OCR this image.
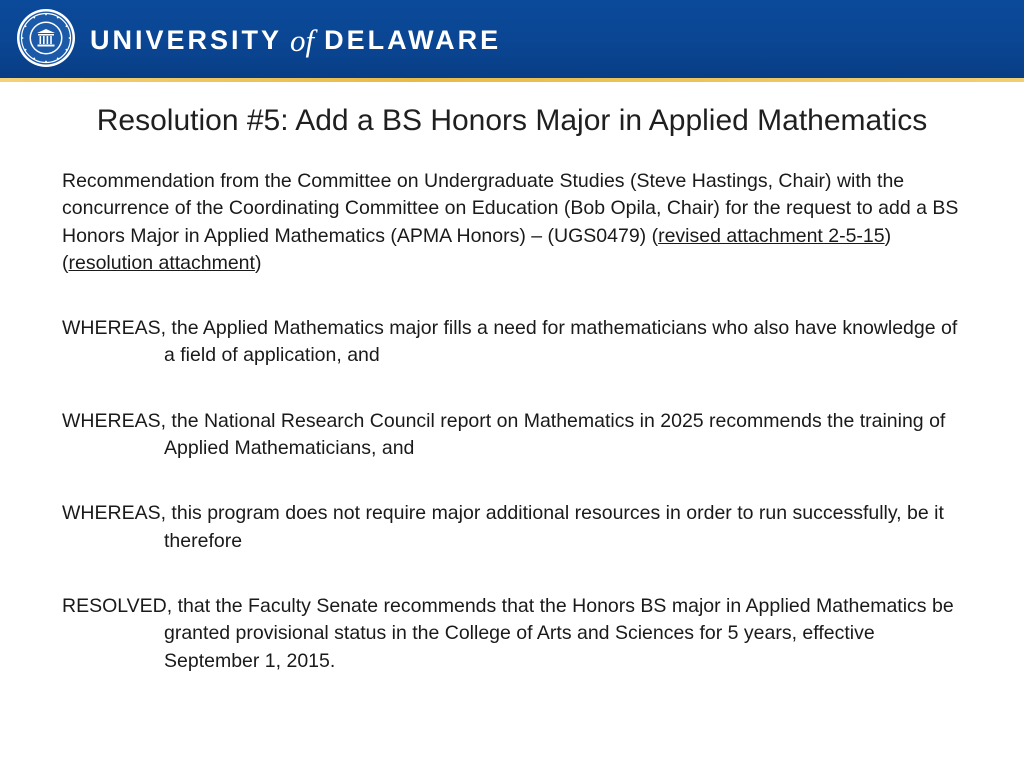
UNIVERSITY of DELAWARE
Resolution #5: Add a BS Honors Major in Applied Mathematics

Recommendation from the Committee on Undergraduate Studies (Steve Hastings, Chair) with the concurrence of the Coordinating Committee on Education (Bob Opila, Chair) for the request to add a BS Honors Major in Applied Mathematics (APMA Honors) – (UGS0479) (revised attachment 2-5-15) (resolution attachment)

WHEREAS, the Applied Mathematics major fills a need for mathematicians who also have knowledge of a field of application, and

WHEREAS, the National Research Council report on Mathematics in 2025 recommends the training of Applied Mathematicians, and

WHEREAS, this program does not require major additional resources in order to run successfully, be it therefore

RESOLVED, that the Faculty Senate recommends that the Honors BS major in Applied Mathematics be granted provisional status in the College of Arts and Sciences for 5 years, effective September 1, 2015.
